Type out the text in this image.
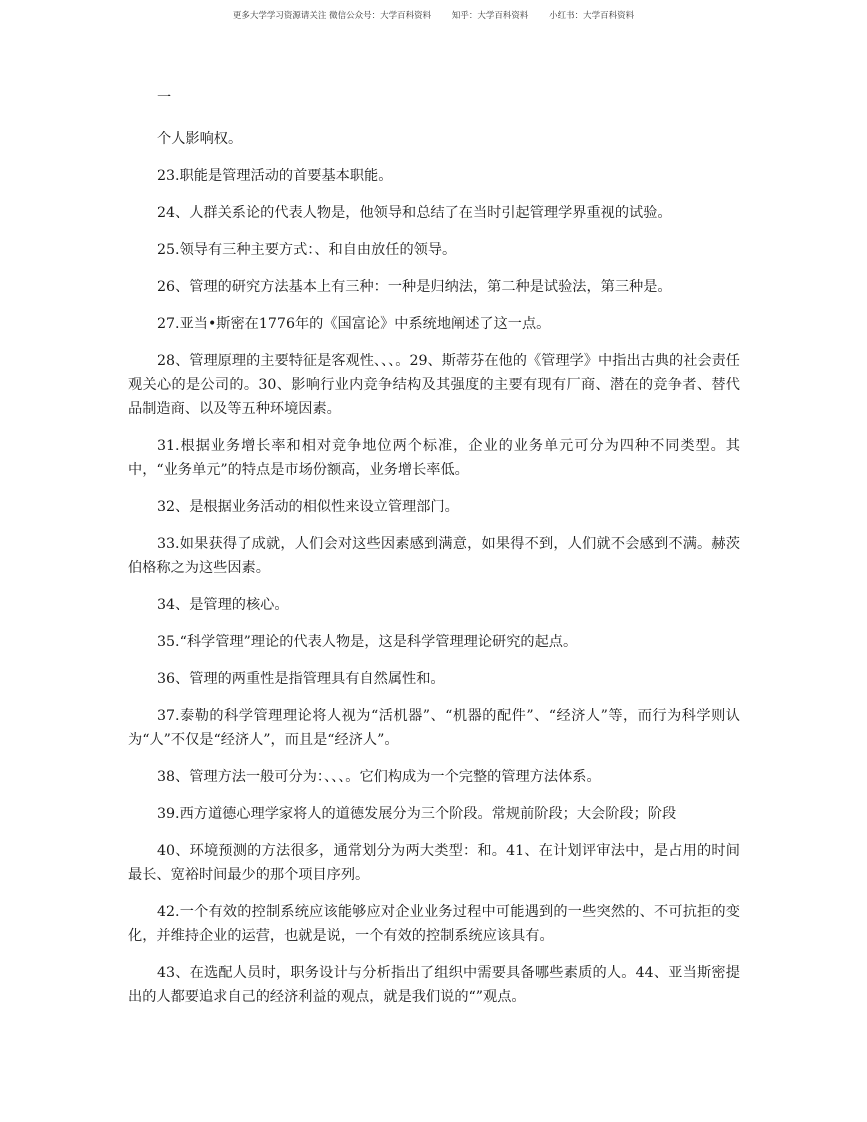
更多大学学习资源请关注 微信公众号：大学百科资料 知乎：大学百科资料 小红书：大学百科资料

一

个人影响权。

23.职能是管理活动的首要基本职能。

24、人群关系论的代表人物是，他领导和总结了在当时引起管理学界重视的试验。

25.领导有三种主要方式：、和自由放任的领导。

26、管理的研究方法基本上有三种：一种是归纳法，第二种是试验法，第三种是。

27.亚当•斯密在1776年的《国富论》中系统地阐述了这一点。

28、管理原理的主要特征是客观性、、、。29、斯蒂芬在他的《管理学》中指出古典的社会责任观关心的是公司的。30、影响行业内竞争结构及其强度的主要有现有厂商、潜在的竞争者、替代品制造商、以及等五种环境因素。

31.根据业务增长率和相对竞争地位两个标准，企业的业务单元可分为四种不同类型。其中，“业务单元”的特点是市场份额高，业务增长率低。

32、是根据业务活动的相似性来设立管理部门。

33.如果获得了成就，人们会对这些因素感到满意，如果得不到，人们就不会感到不满。赫茨伯格称之为这些因素。

34、是管理的核心。

35.“科学管理”理论的代表人物是，这是科学管理理论研究的起点。

36、管理的两重性是指管理具有自然属性和。

37.泰勒的科学管理理论将人视为“活机器”、“机器的配件”、“经济人”等，而行为科学则认为“人”不仅是“经济人”，而且是“经济人”。

38、管理方法一般可分为：、、、。它们构成为一个完整的管理方法体系。

39.西方道德心理学家将人的道德发展分为三个阶段。常规前阶段；大会阶段；阶段

40、环境预测的方法很多，通常划分为两大类型：和。41、在计划评审法中，是占用的时间最长、宽裕时间最少的那个项目序列。

42.一个有效的控制系统应该能够应对企业业务过程中可能遇到的一些突然的、不可抗拒的变化，并维持企业的运营，也就是说，一个有效的控制系统应该具有。

43、在选配人员时，职务设计与分析指出了组织中需要具备哪些素质的人。44、亚当斯密提出的人都要追求自己的经济利益的观点，就是我们说的“”观点。
